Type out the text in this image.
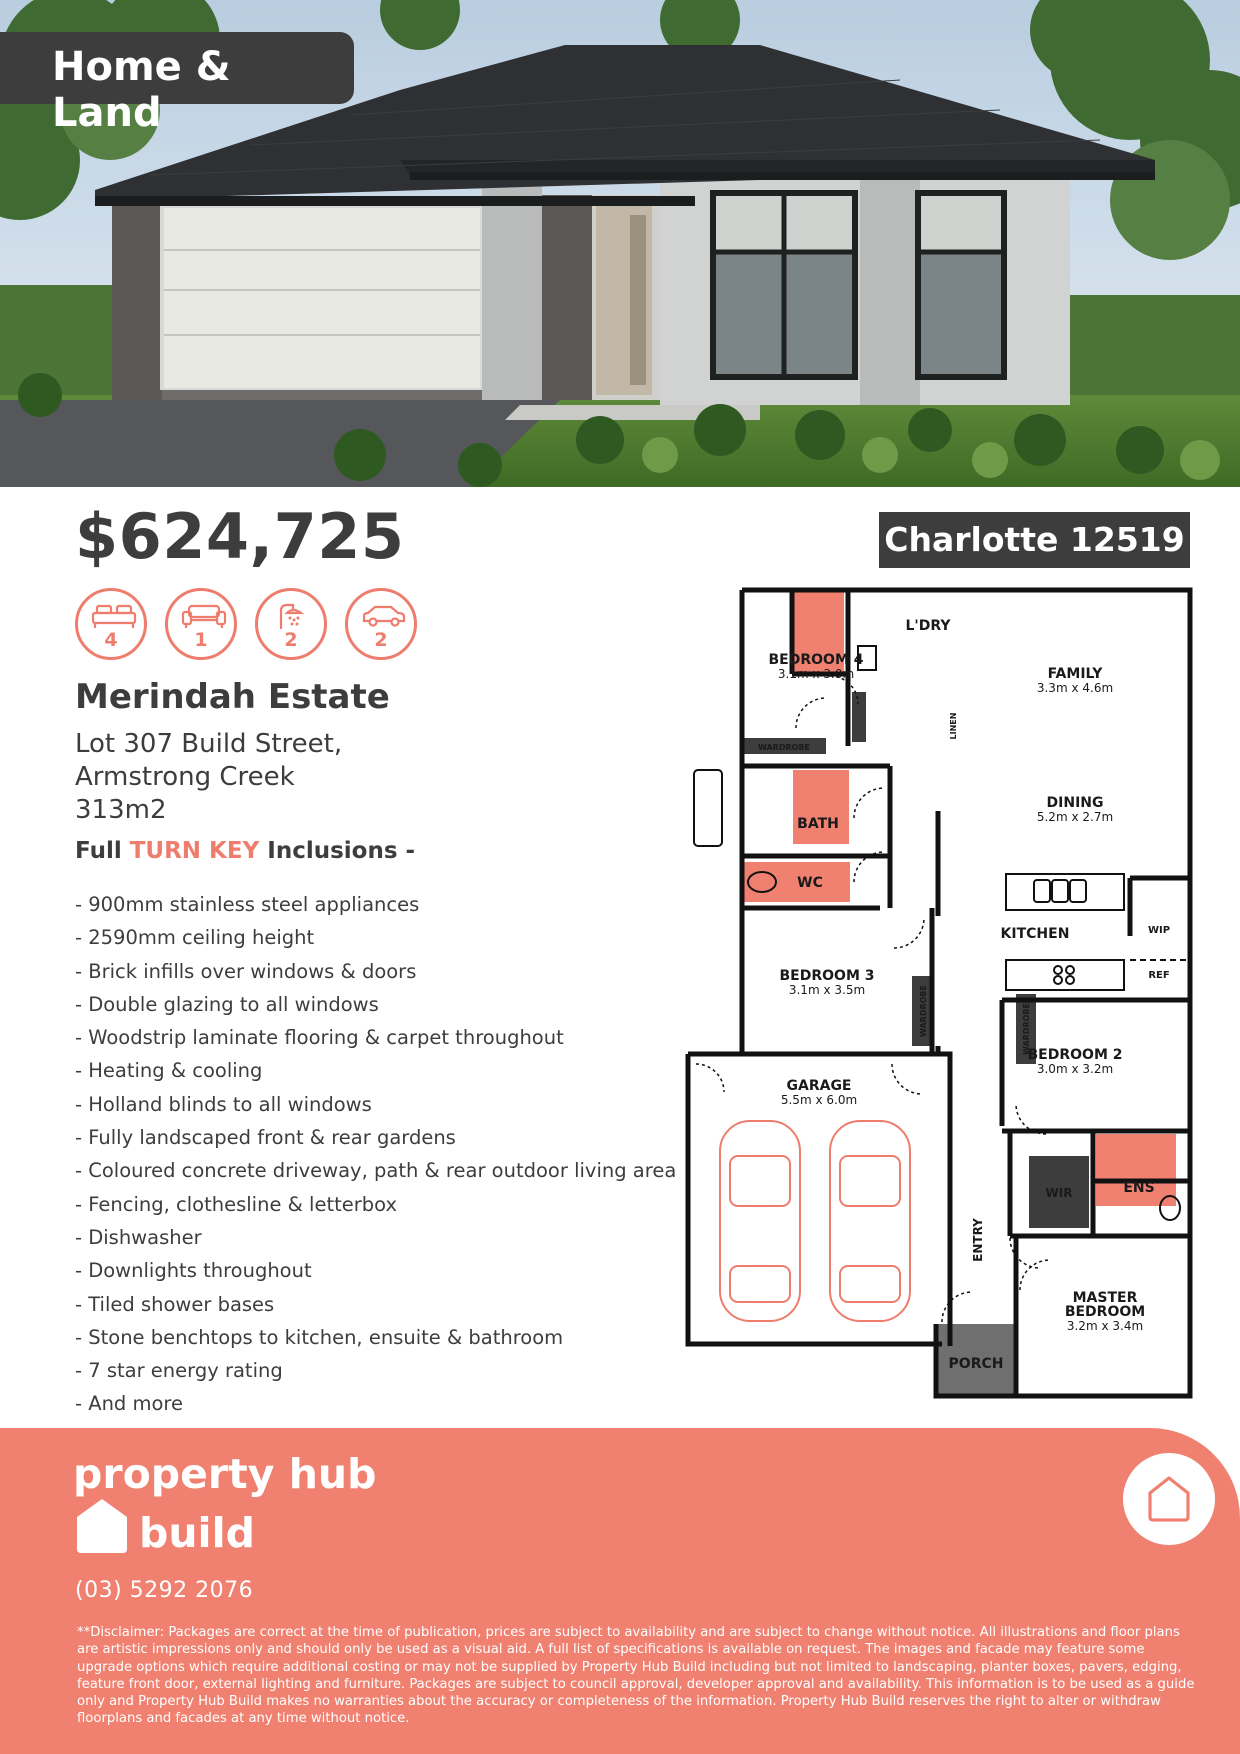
Home & Land
$624,725
4	1	2	2
Merindah Estate
Lot 307 Build Street,
Armstrong Creek
313m2
Full TURN KEY Inclusions -
- 900mm stainless steel appliances
- 2590mm ceiling height
- Brick infills over windows & doors
- Double glazing to all windows
- Woodstrip laminate flooring & carpet throughout
- Heating & cooling
- Holland blinds to all windows
- Fully landscaped front & rear gardens
- Coloured concrete driveway, path & rear outdoor living area
- Fencing, clothesline & letterbox
- Dishwasher
- Downlights throughout
- Tiled shower bases
- Stone benchtops to kitchen, ensuite & bathroom
- 7 star energy rating
- And more
Charlotte 12519
BEDROOM 4
3.1m x 3.0m
L'DRY
FAMILY
3.3m x 4.6m
LINEN
WARDROBE
BATH
WC
DINING
5.2m x 2.7m
KITCHEN	WIP
REF
BEDROOM 3
3.1m x 3.5m	WARDROBE	WARDROBE
BEDROOM 2
3.0m x 3.2m
GARAGE
5.5m x 6.0m
WIR	ENS
ENTRY
MASTER
BEDROOM
3.2m x 3.4m
PORCH
property hub
build
(03) 5292 2076
**Disclaimer: Packages are correct at the time of publication, prices are subject to availability and are subject to change without notice. All illustrations and floor plans are artistic impressions only and should only be used as a visual aid. A full list of specifications is available on request. The images and facade may feature some upgrade options which require additional costing or may not be supplied by Property Hub Build including but not limited to landscaping, planter boxes, pavers, edging, feature front door, external lighting and furniture. Packages are subject to council approval, developer approval and availability. This information is to be used as a guide only and Property Hub Build makes no warranties about the accuracy or completeness of the information. Property Hub Build reserves the right to alter or withdraw floorplans and facades at any time without notice.
